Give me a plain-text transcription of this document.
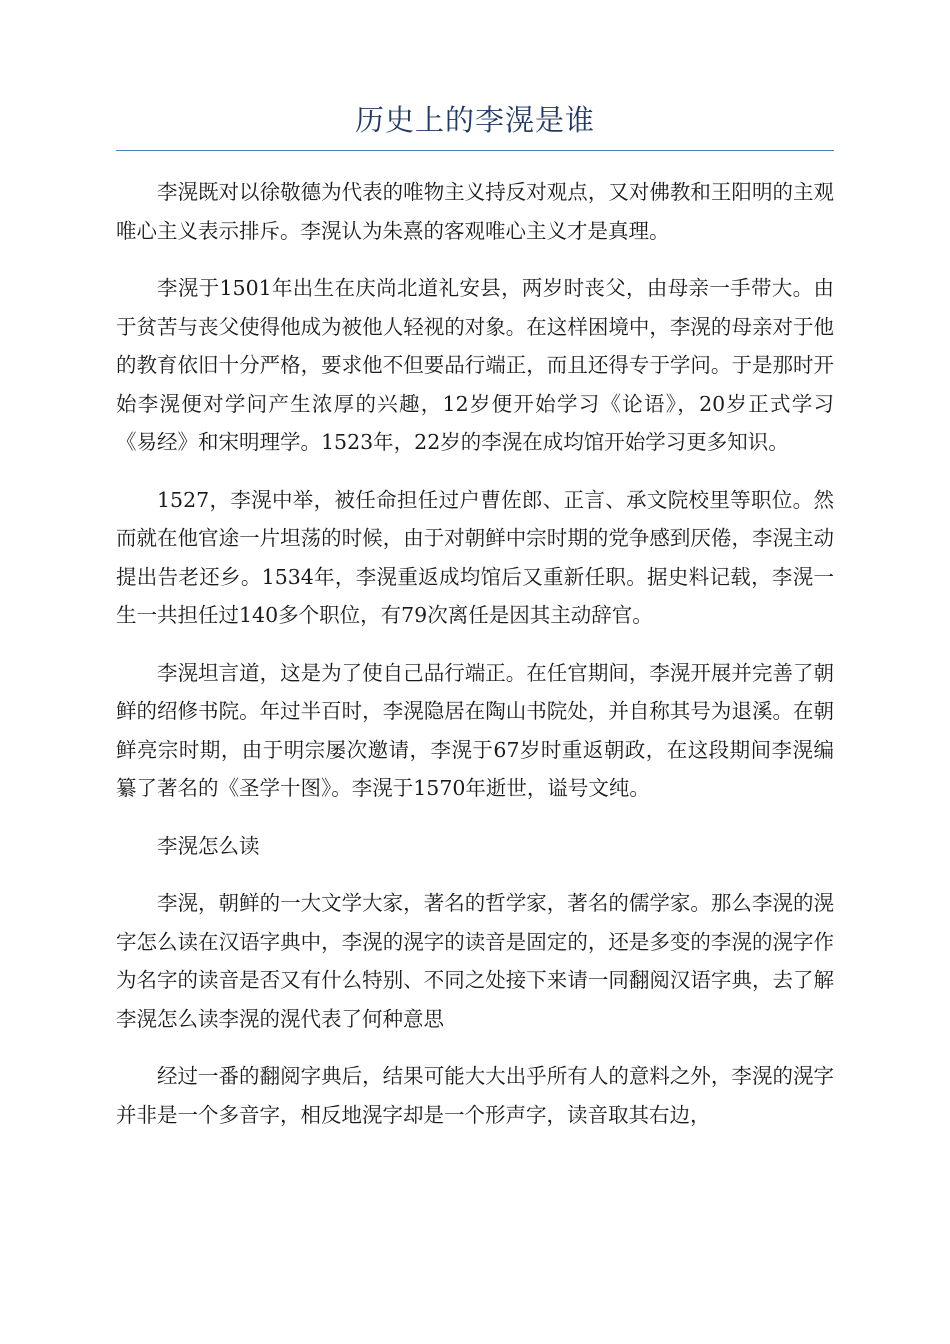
历史上的李滉是谁

李滉既对以徐敬德为代表的唯物主义持反对观点，又对佛教和王阳明的主观唯心主义表示排斥。李滉认为朱熹的客观唯心主义才是真理。

李滉于1501年出生在庆尚北道礼安县，两岁时丧父，由母亲一手带大。由于贫苦与丧父使得他成为被他人轻视的对象。在这样困境中，李滉的母亲对于他的教育依旧十分严格，要求他不但要品行端正，而且还得专于学问。于是那时开始李滉便对学问产生浓厚的兴趣，12岁便开始学习《论语》，20岁正式学习《易经》和宋明理学。1523年，22岁的李滉在成均馆开始学习更多知识。

1527，李滉中举，被任命担任过户曹佐郎、正言、承文院校里等职位。然而就在他官途一片坦荡的时候，由于对朝鲜中宗时期的党争感到厌倦，李滉主动提出告老还乡。1534年，李滉重返成均馆后又重新任职。据史料记载，李滉一生一共担任过140多个职位，有79次离任是因其主动辞官。

李滉坦言道，这是为了使自己品行端正。在任官期间，李滉开展并完善了朝鲜的绍修书院。年过半百时，李滉隐居在陶山书院处，并自称其号为退溪。在朝鲜亮宗时期，由于明宗屡次邀请，李滉于67岁时重返朝政，在这段期间李滉编纂了著名的《圣学十图》。李滉于1570年逝世，谥号文纯。

李滉怎么读

李滉，朝鲜的一大文学大家，著名的哲学家，著名的儒学家。那么李滉的滉字怎么读在汉语字典中，李滉的滉字的读音是固定的，还是多变的李滉的滉字作为名字的读音是否又有什么特别、不同之处接下来请一同翻阅汉语字典，去了解李滉怎么读李滉的滉代表了何种意思

经过一番的翻阅字典后，结果可能大大出乎所有人的意料之外，李滉的滉字并非是一个多音字，相反地滉字却是一个形声字，读音取其右边，
